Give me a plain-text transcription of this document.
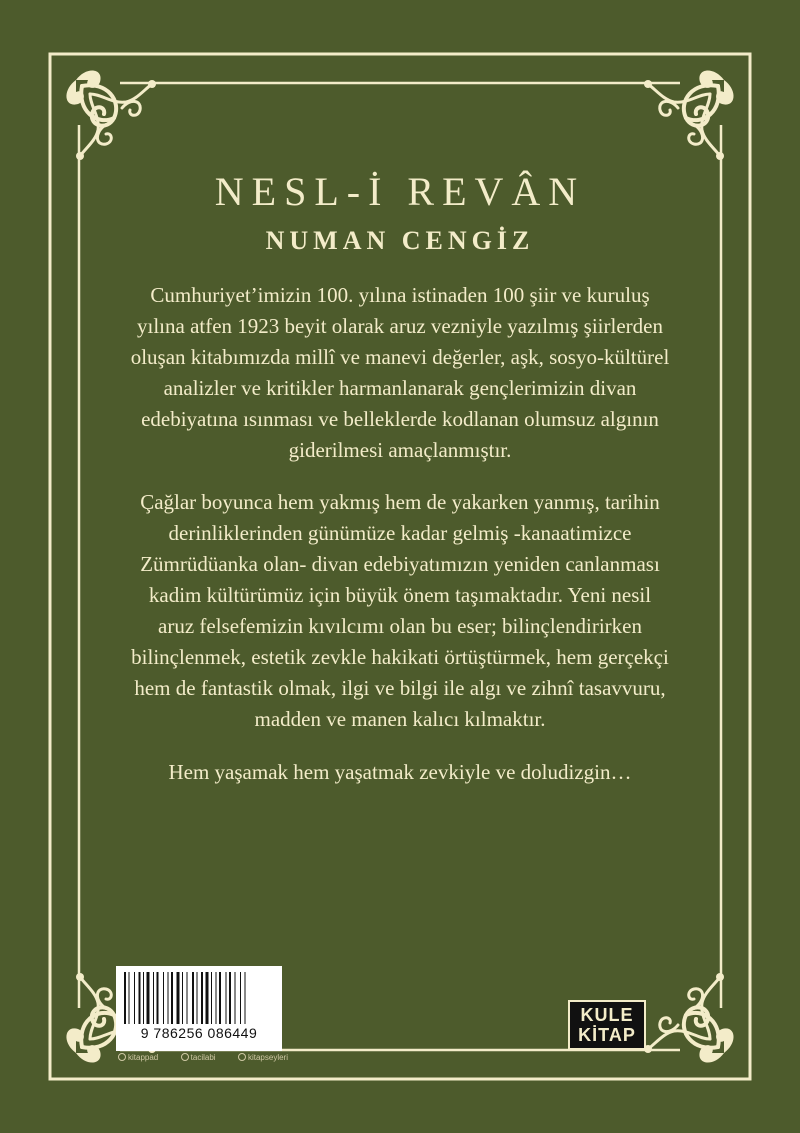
NESL-İ REVÂN
NUMAN CENGİZ

Cumhuriyet’imizin 100. yılına istinaden 100 şiir ve kuruluş
yılına atfen 1923 beyit olarak aruz vezniyle yazılmış şiirlerden
oluşan kitabımızda millî ve manevi değerler, aşk, sosyo-kültürel
analizler ve kritikler harmanlanarak gençlerimizin divan
edebiyatına ısınması ve belleklerde kodlanan olumsuz algının
giderilmesi amaçlanmıştır.

Çağlar boyunca hem yakmış hem de yakarken yanmış, tarihin
derinliklerinden günümüze kadar gelmiş -kanaatimizce
Zümrüdüanka olan- divan edebiyatımızın yeniden canlanması
kadim kültürümüz için büyük önem taşımaktadır. Yeni nesil
aruz felsefemizin kıvılcımı olan bu eser; bilinçlendirirken
bilinçlenmek, estetik zevkle hakikati örtüştürmek, hem gerçekçi
hem de fantastik olmak, ilgi ve bilgi ile algı ve zihnî tasavvuru,
madden ve manen kalıcı kılmaktır.

Hem yaşamak hem yaşatmak zevkiyle ve doludizgin…

9 786256 086449
kitappad	tacilabi	kitapseyleri
KULE
KİTAP
